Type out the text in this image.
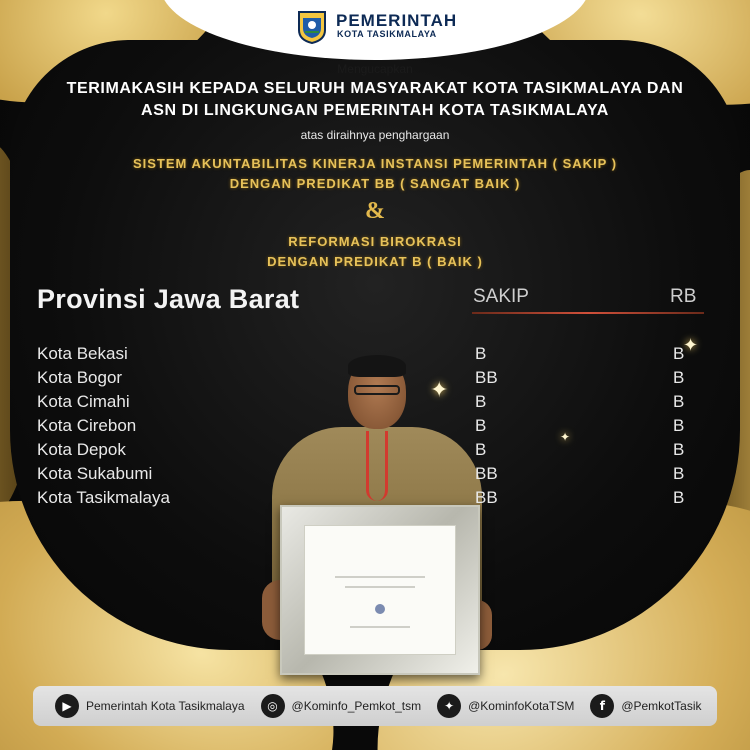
✦
✦
✦
PEMERINTAH
KOTA TASIKMALAYA
Mengucapkan
TERIMAKASIH KEPADA SELURUH MASYARAKAT KOTA TASIKMALAYA DAN
ASN DI LINGKUNGAN PEMERINTAH KOTA TASIKMALAYA
atas diraihnya penghargaan
SISTEM AKUNTABILITAS KINERJA INSTANSI PEMERINTAH ( SAKIP )
DENGAN PREDIKAT BB ( SANGAT BAIK )
&
REFORMASI BIROKRASI
DENGAN PREDIKAT B ( BAIK )
Provinsi Jawa Barat	SAKIP	RB
Kota Bekasi	B	B
Kota Bogor	BB	B
Kota Cimahi	B	B
Kota Cirebon	B	B
Kota Depok	B	B
Kota Sukabumi	BB	B
Kota Tasikmalaya	BB	B
▶	Pemerintah Kota Tasikmalaya	◎	@Kominfo_Pemkot_tsm	✦	@KominfoKotaTSM	f	@PemkotTasik
